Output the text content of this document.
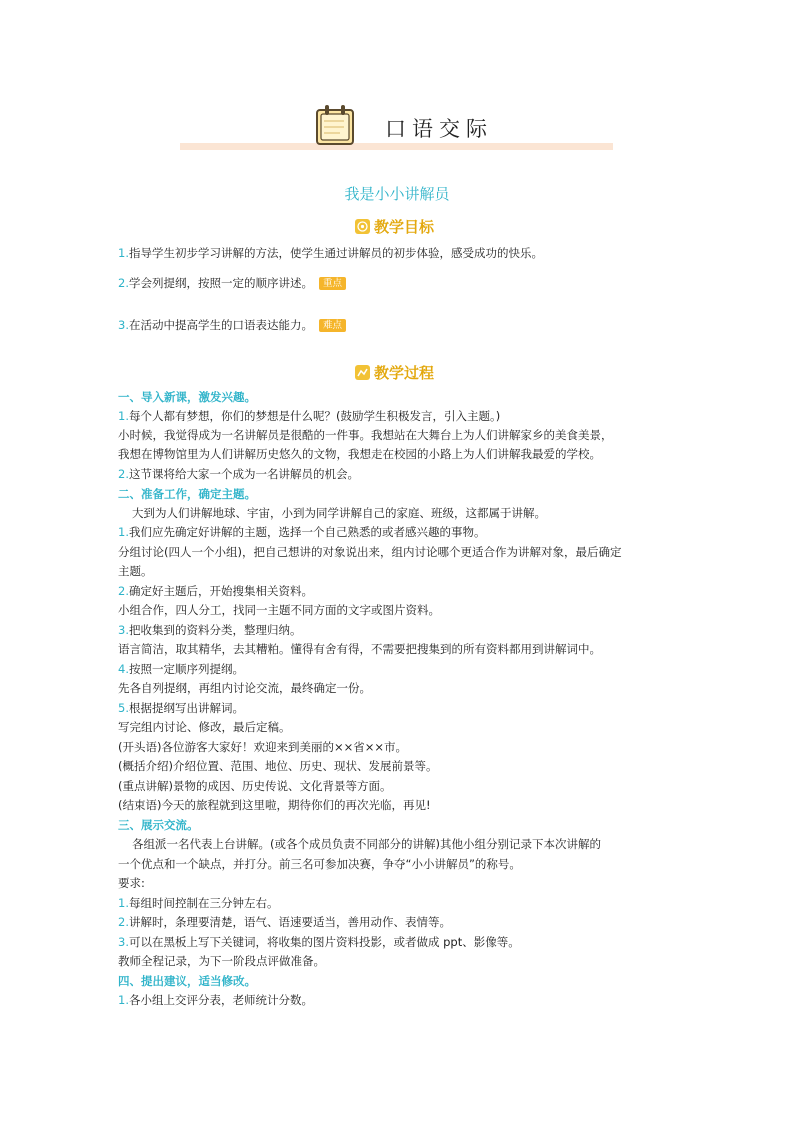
口语交际
我是小小讲解员
教学目标
1.指导学生初步学习讲解的方法，使学生通过讲解员的初步体验，感受成功的快乐。
2.学会列提纲，按照一定的顺序讲述。 重点
3.在活动中提高学生的口语表达能力。 难点
教学过程
一、导入新课，激发兴趣。
1.每个人都有梦想，你们的梦想是什么呢？(鼓励学生积极发言，引入主题。)
小时候，我觉得成为一名讲解员是很酷的一件事。我想站在大舞台上为人们讲解家乡的美食美景，
我想在博物馆里为人们讲解历史悠久的文物，我想走在校园的小路上为人们讲解我最爱的学校。
2.这节课将给大家一个成为一名讲解员的机会。
二、准备工作，确定主题。
大到为人们讲解地球、宇宙，小到为同学讲解自己的家庭、班级，这都属于讲解。
1.我们应先确定好讲解的主题，选择一个自己熟悉的或者感兴趣的事物。
分组讨论(四人一个小组)，把自己想讲的对象说出来，组内讨论哪个更适合作为讲解对象，最后确定
主题。
2.确定好主题后，开始搜集相关资料。
小组合作，四人分工，找同一主题不同方面的文字或图片资料。
3.把收集到的资料分类，整理归纳。
语言简洁，取其精华，去其糟粕。懂得有舍有得，不需要把搜集到的所有资料都用到讲解词中。
4.按照一定顺序列提纲。
先各自列提纲，再组内讨论交流，最终确定一份。
5.根据提纲写出讲解词。
写完组内讨论、修改，最后定稿。
(开头语)各位游客大家好！欢迎来到美丽的××省××市。
(概括介绍)介绍位置、范围、地位、历史、现状、发展前景等。
(重点讲解)景物的成因、历史传说、文化背景等方面。
(结束语)今天的旅程就到这里啦，期待你们的再次光临，再见!
三、展示交流。
各组派一名代表上台讲解。(或各个成员负责不同部分的讲解)其他小组分别记录下本次讲解的
一个优点和一个缺点，并打分。前三名可参加决赛，争夺“小小讲解员”的称号。
要求:
1.每组时间控制在三分钟左右。
2.讲解时，条理要清楚，语气、语速要适当，善用动作、表情等。
3.可以在黑板上写下关键词，将收集的图片资料投影，或者做成 ppt、影像等。
教师全程记录，为下一阶段点评做准备。
四、提出建议，适当修改。
1.各小组上交评分表，老师统计分数。
